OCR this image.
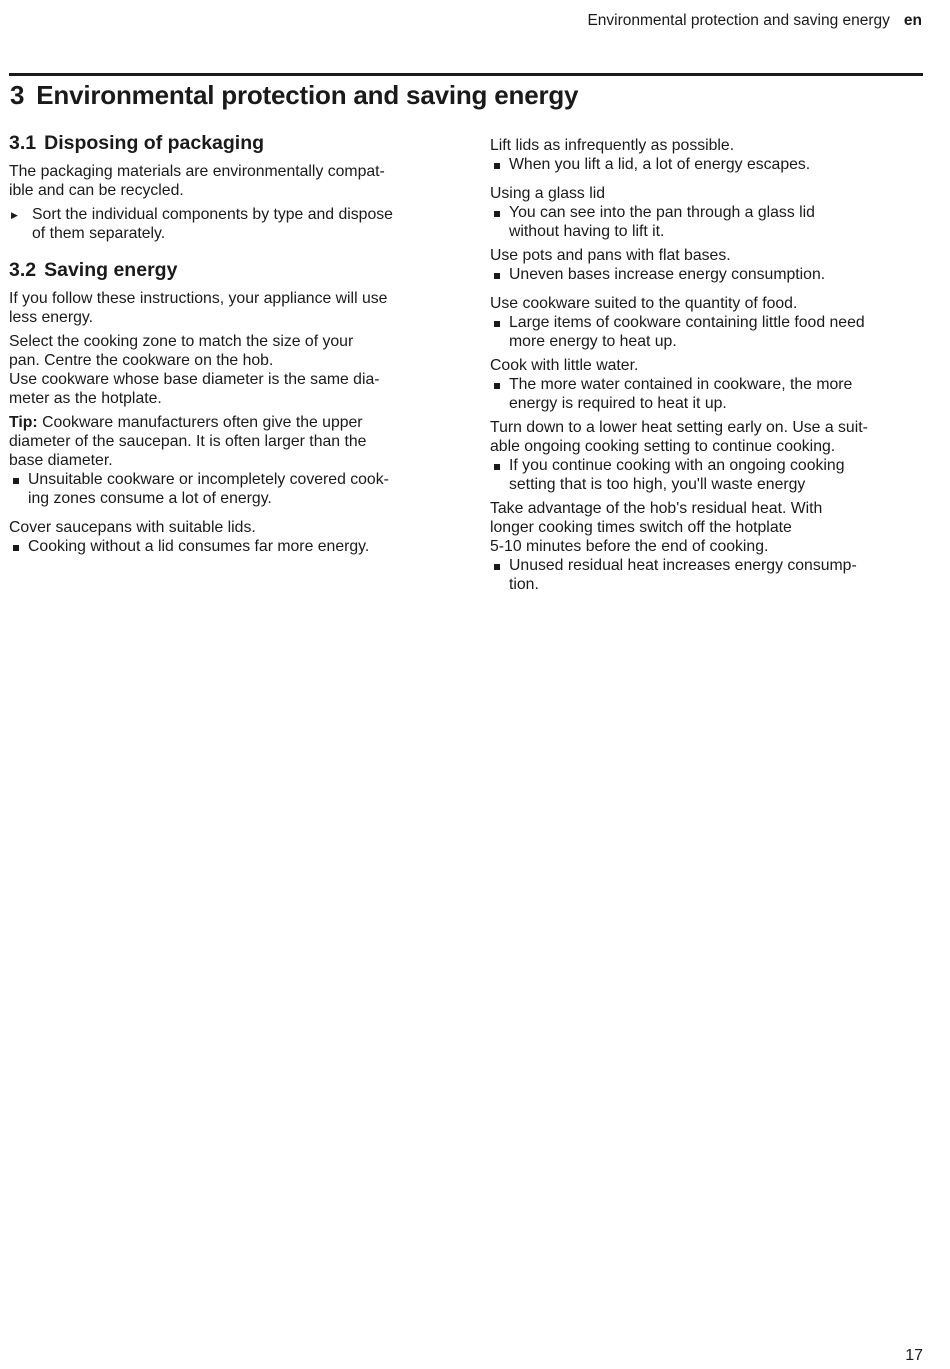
Environmental protection and saving energy en
3 Environmental protection and saving energy
3.1 Disposing of packaging

The packaging materials are environmentally compat-
ible and can be recycled.

▶ Sort the individual components by type and dispose
of them separately.
3.2 Saving energy

If you follow these instructions, your appliance will use
less energy.

Select the cooking zone to match the size of your
pan. Centre the cookware on the hob.
Use cookware whose base diameter is the same dia-
meter as the hotplate.

Tip: Cookware manufacturers often give the upper
diameter of the saucepan. It is often larger than the
base diameter.

Unsuitable cookware or incompletely covered cook-
ing zones consume a lot of energy.

Cover saucepans with suitable lids.

Cooking without a lid consumes far more energy.

Lift lids as infrequently as possible.

When you lift a lid, a lot of energy escapes.

Using a glass lid

You can see into the pan through a glass lid
without having to lift it.

Use pots and pans with flat bases.

Uneven bases increase energy consumption.

Use cookware suited to the quantity of food.

Large items of cookware containing little food need
more energy to heat up.

Cook with little water.

The more water contained in cookware, the more
energy is required to heat it up.

Turn down to a lower heat setting early on. Use a suit-
able ongoing cooking setting to continue cooking.

If you continue cooking with an ongoing cooking
setting that is too high, you'll waste energy

Take advantage of the hob's residual heat. With
longer cooking times switch off the hotplate
5-10 minutes before the end of cooking.

Unused residual heat increases energy consump-
tion.
17
